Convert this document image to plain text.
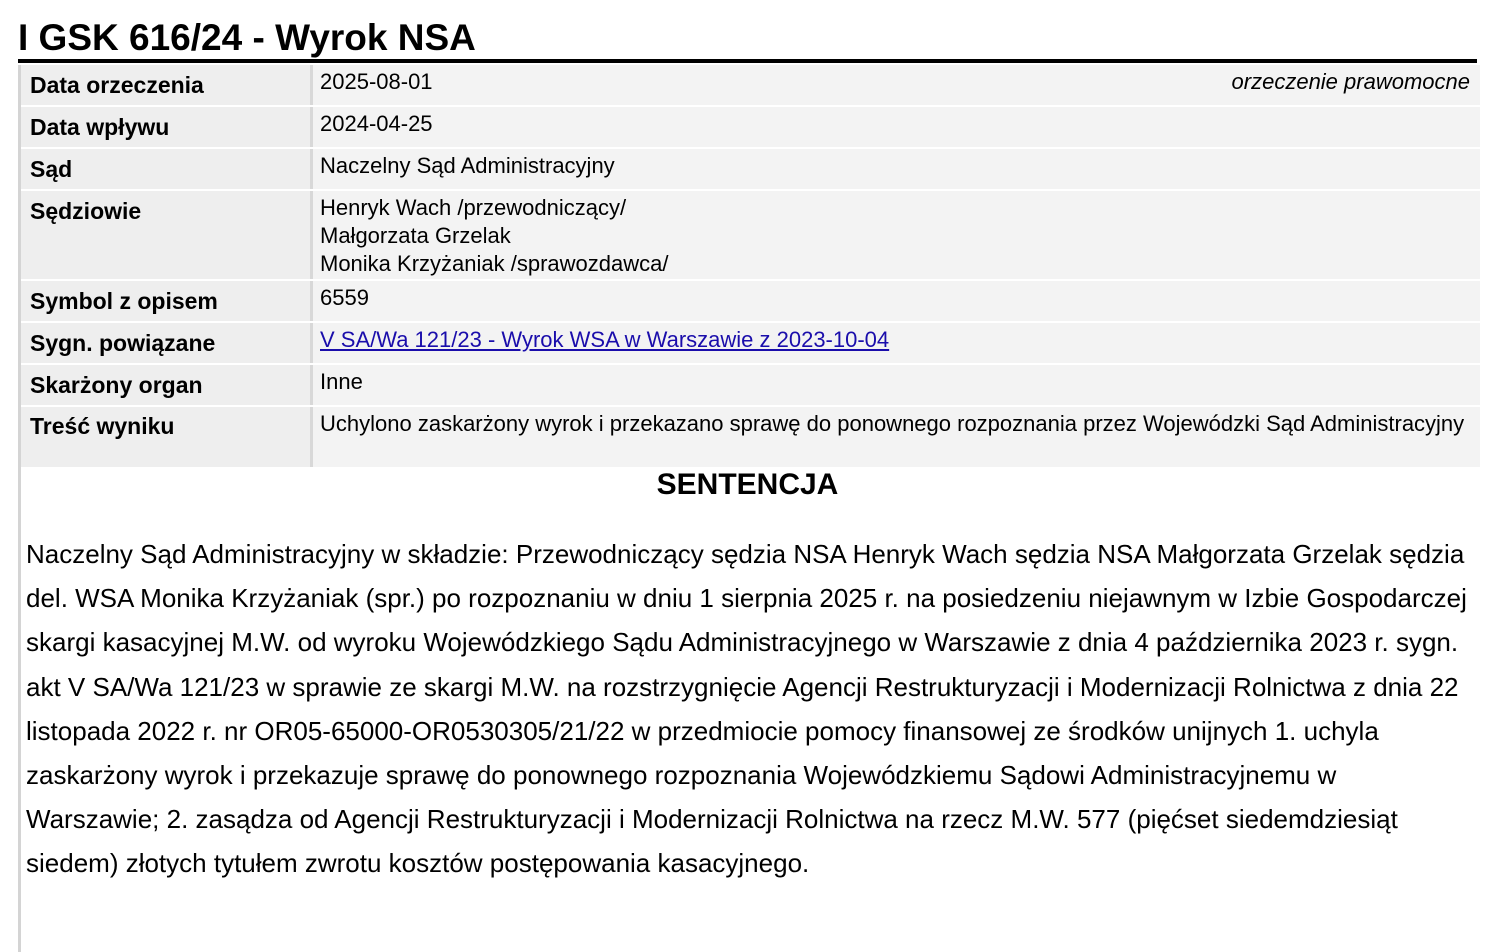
I GSK 616/24 - Wyrok NSA
Data orzeczenia	2025-08-01	orzeczenie prawomocne
Data wpływu	2024-04-25
Sąd	Naczelny Sąd Administracyjny
Sędziowie	Henryk Wach /przewodniczący/
Małgorzata Grzelak
Monika Krzyżaniak /sprawozdawca/
Symbol z opisem	6559
Sygn. powiązane	V SA/Wa 121/23 - Wyrok WSA w Warszawie z 2023-10-04
Skarżony organ	Inne
Treść wyniku	Uchylono zaskarżony wyrok i przekazano sprawę do ponownego rozpoznania przez Wojewódzki Sąd Administracyjny
SENTENCJA

Naczelny Sąd Administracyjny w składzie: Przewodniczący sędzia NSA Henryk Wach sędzia NSA Małgorzata Grzelak sędzia del. WSA Monika Krzyżaniak (spr.) po rozpoznaniu w dniu 1 sierpnia 2025 r. na posiedzeniu niejawnym w Izbie Gospodarczej skargi kasacyjnej M.W. od wyroku Wojewódzkiego Sądu Administracyjnego w Warszawie z dnia 4 października 2023 r. sygn. akt V SA/Wa 121/23 w sprawie ze skargi M.W. na rozstrzygnięcie Agencji Restrukturyzacji i Modernizacji Rolnictwa z dnia 22 listopada 2022 r. nr OR05-65000-OR0530305/21/22 w przedmiocie pomocy finansowej ze środków unijnych 1. uchyla zaskarżony wyrok i przekazuje sprawę do ponownego rozpoznania Wojewódzkiemu Sądowi Administracyjnemu w Warszawie; 2. zasądza od Agencji Restrukturyzacji i Modernizacji Rolnictwa na rzecz M.W. 577 (pięćset siedemdziesiąt siedem) złotych tytułem zwrotu kosztów postępowania kasacyjnego.
